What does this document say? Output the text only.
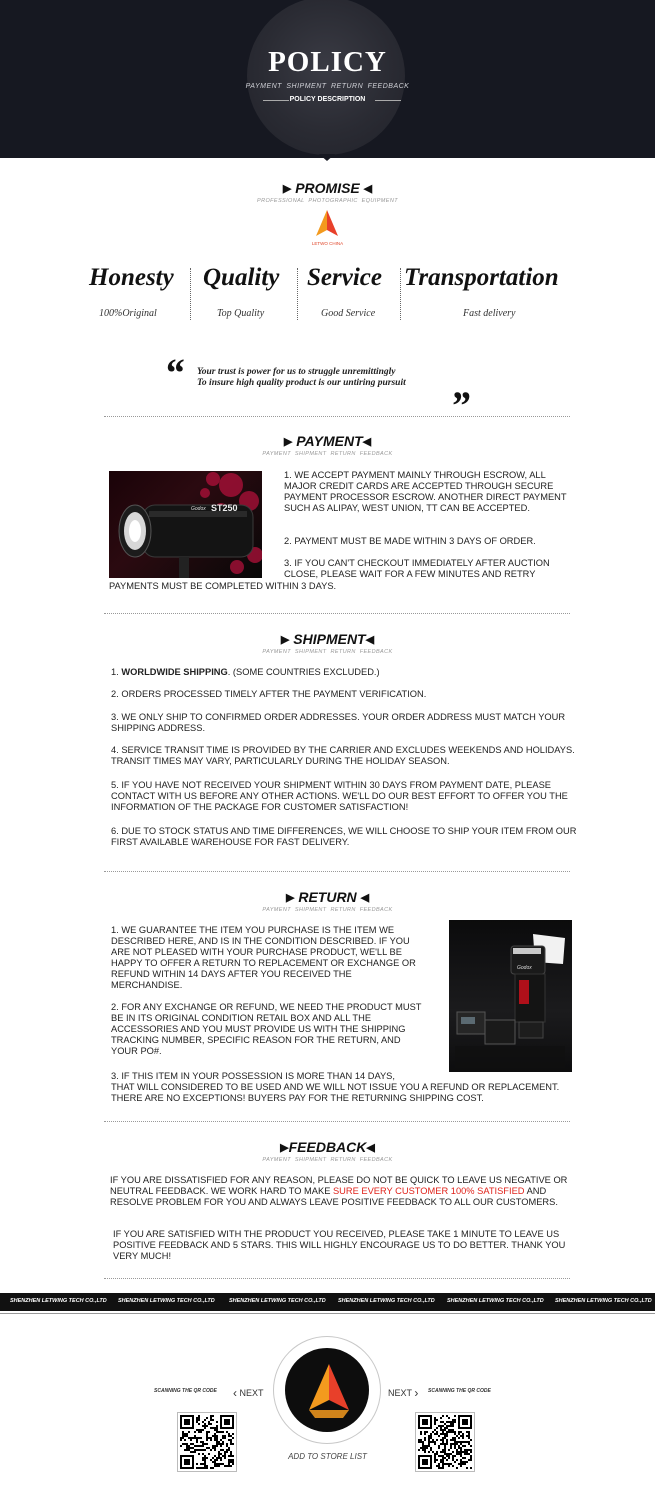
POLICY
PAYMENT SHIPMENT RETURN FEEDBACK
POLICY DESCRIPTION
▶ PROMISE ◀
PROFESSIONAL PHOTOGRAPHIC EQUIPMENT
LETWO CHINA
Honesty Quality Service Transportation
100%Original	Top Quality	Good Service	Fast delivery
“ Your trust is power for us to struggle unremittingly
To insure high quality product is our untiring pursuit ”
▶ PAYMENT◀
PAYMENT SHIPMENT RETURN FEEDBACK
Godox ST250
1. WE ACCEPT PAYMENT MAINLY THROUGH ESCROW, ALL MAJOR CREDIT CARDS ARE ACCEPTED THROUGH SECURE PAYMENT PROCESSOR ESCROW. ANOTHER DIRECT PAYMENT SUCH AS ALIPAY, WEST UNION, TT CAN BE ACCEPTED.
2. PAYMENT MUST BE MADE WITHIN 3 DAYS OF ORDER.
3. IF YOU CAN'T CHECKOUT IMMEDIATELY AFTER AUCTION CLOSE, PLEASE WAIT FOR A FEW MINUTES AND RETRY
PAYMENTS MUST BE COMPLETED WITHIN 3 DAYS.
▶ SHIPMENT◀
PAYMENT SHIPMENT RETURN FEEDBACK
1. WORLDWIDE SHIPPING. (SOME COUNTRIES EXCLUDED.)
2. ORDERS PROCESSED TIMELY AFTER THE PAYMENT VERIFICATION.
3. WE ONLY SHIP TO CONFIRMED ORDER ADDRESSES. YOUR ORDER ADDRESS MUST MATCH YOUR SHIPPING ADDRESS.
4. SERVICE TRANSIT TIME IS PROVIDED BY THE CARRIER AND EXCLUDES WEEKENDS AND HOLIDAYS. TRANSIT TIMES MAY VARY, PARTICULARLY DURING THE HOLIDAY SEASON.
5. IF YOU HAVE NOT RECEIVED YOUR SHIPMENT WITHIN 30 DAYS FROM PAYMENT DATE, PLEASE CONTACT WITH US BEFORE ANY OTHER ACTIONS. WE'LL DO OUR BEST EFFORT TO OFFER YOU THE INFORMATION OF THE PACKAGE FOR CUSTOMER SATISFACTION!
6. DUE TO STOCK STATUS AND TIME DIFFERENCES, WE WILL CHOOSE TO SHIP YOUR ITEM FROM OUR FIRST AVAILABLE WAREHOUSE FOR FAST DELIVERY.
▶ RETURN ◀
PAYMENT SHIPMENT RETURN FEEDBACK
1. WE GUARANTEE THE ITEM YOU PURCHASE IS THE ITEM WE DESCRIBED HERE, AND IS IN THE CONDITION DESCRIBED. IF YOU ARE NOT PLEASED WITH YOUR PURCHASE PRODUCT, WE'LL BE HAPPY TO OFFER A RETURN TO REPLACEMENT OR EXCHANGE OR REFUND WITHIN 14 DAYS AFTER YOU RECEIVED THE MERCHANDISE.
2. FOR ANY EXCHANGE OR REFUND, WE NEED THE PRODUCT MUST BE IN ITS ORIGINAL CONDITION RETAIL BOX AND ALL THE ACCESSORIES AND YOU MUST PROVIDE US WITH THE SHIPPING TRACKING NUMBER, SPECIFIC REASON FOR THE RETURN, AND YOUR PO#.
Godox
3. IF THIS ITEM IN YOUR POSSESSION IS MORE THAN 14 DAYS,
THAT WILL CONSIDERED TO BE USED AND WE WILL NOT ISSUE YOU A REFUND OR REPLACEMENT. THERE ARE NO EXCEPTIONS! BUYERS PAY FOR THE RETURNING SHIPPING COST.
▶FEEDBACK◀
PAYMENT SHIPMENT RETURN FEEDBACK
IF YOU ARE DISSATISFIED FOR ANY REASON, PLEASE DO NOT BE QUICK TO LEAVE US NEGATIVE OR NEUTRAL FEEDBACK. WE WORK HARD TO MAKE SURE EVERY CUSTOMER 100% SATISFIED AND RESOLVE PROBLEM FOR YOU AND ALWAYS LEAVE POSITIVE FEEDBACK TO ALL OUR CUSTOMERS.
IF YOU ARE SATISFIED WITH THE PRODUCT YOU RECEIVED, PLEASE TAKE 1 MINUTE TO LEAVE US POSITIVE FEEDBACK AND 5 STARS. THIS WILL HIGHLY ENCOURAGE US TO DO BETTER. THANK YOU VERY MUCH!
SHENZHEN LETWING TECH CO.,LTD SHENZHEN LETWING TECH CO.,LTD	SHENZHEN LETWING TECH CO.,LTD SHENZHEN LETWING TECH CO.,LTD SHENZHEN LETWING TECH CO.,LTD SHENZHEN LETWING TECH CO.,LTD
ADD TO STORE LIST
SCANNING THE QR CODE ‹ NEXT	NEXT › SCANNING THE QR CODE
